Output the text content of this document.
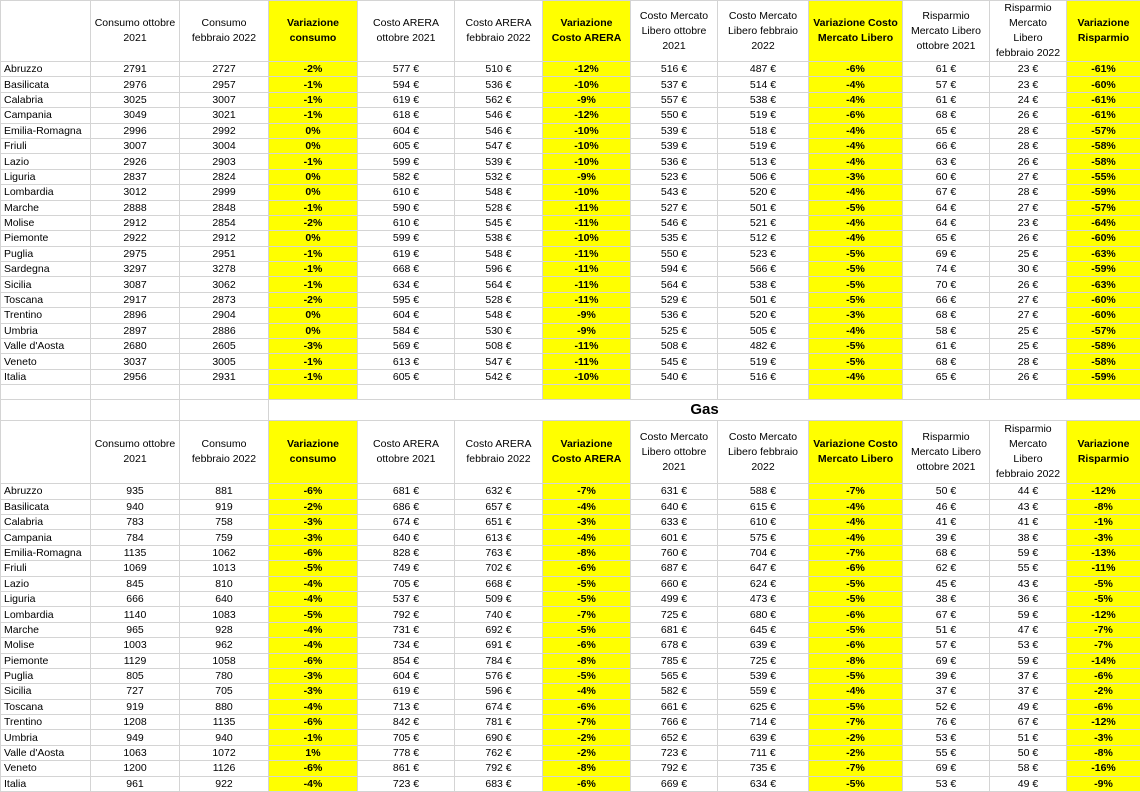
	Consumo ottobre 2021	Consumo febbraio 2022	Variazione consumo	Costo ARERA ottobre 2021	Costo ARERA febbraio 2022	Variazione Costo ARERA	Costo Mercato Libero ottobre 2021	Costo Mercato Libero febbraio 2022	Variazione Costo Mercato Libero	Risparmio Mercato Libero ottobre 2021	Risparmio Mercato Libero febbraio 2022	Variazione Risparmio
Abruzzo	2791	2727	-2%	577 €	510 €	-12%	516 €	487 €	-6%	61 €	23 €	-61%
Basilicata	2976	2957	-1%	594 €	536 €	-10%	537 €	514 €	-4%	57 €	23 €	-60%
Calabria	3025	3007	-1%	619 €	562 €	-9%	557 €	538 €	-4%	61 €	24 €	-61%
Campania	3049	3021	-1%	618 €	546 €	-12%	550 €	519 €	-6%	68 €	26 €	-61%
Emilia-Romagna	2996	2992	0%	604 €	546 €	-10%	539 €	518 €	-4%	65 €	28 €	-57%
Friuli	3007	3004	0%	605 €	547 €	-10%	539 €	519 €	-4%	66 €	28 €	-58%
Lazio	2926	2903	-1%	599 €	539 €	-10%	536 €	513 €	-4%	63 €	26 €	-58%
Liguria	2837	2824	0%	582 €	532 €	-9%	523 €	506 €	-3%	60 €	27 €	-55%
Lombardia	3012	2999	0%	610 €	548 €	-10%	543 €	520 €	-4%	67 €	28 €	-59%
Marche	2888	2848	-1%	590 €	528 €	-11%	527 €	501 €	-5%	64 €	27 €	-57%
Molise	2912	2854	-2%	610 €	545 €	-11%	546 €	521 €	-4%	64 €	23 €	-64%
Piemonte	2922	2912	0%	599 €	538 €	-10%	535 €	512 €	-4%	65 €	26 €	-60%
Puglia	2975	2951	-1%	619 €	548 €	-11%	550 €	523 €	-5%	69 €	25 €	-63%
Sardegna	3297	3278	-1%	668 €	596 €	-11%	594 €	566 €	-5%	74 €	30 €	-59%
Sicilia	3087	3062	-1%	634 €	564 €	-11%	564 €	538 €	-5%	70 €	26 €	-63%
Toscana	2917	2873	-2%	595 €	528 €	-11%	529 €	501 €	-5%	66 €	27 €	-60%
Trentino	2896	2904	0%	604 €	548 €	-9%	536 €	520 €	-3%	68 €	27 €	-60%
Umbria	2897	2886	0%	584 €	530 €	-9%	525 €	505 €	-4%	58 €	25 €	-57%
Valle d'Aosta	2680	2605	-3%	569 €	508 €	-11%	508 €	482 €	-5%	61 €	25 €	-58%
Veneto	3037	3005	-1%	613 €	547 €	-11%	545 €	519 €	-5%	68 €	28 €	-58%
Italia	2956	2931	-1%	605 €	542 €	-10%	540 €	516 €	-4%	65 €	26 €	-59%

			Gas									
	Consumo ottobre 2021	Consumo febbraio 2022	Variazione consumo	Costo ARERA ottobre 2021	Costo ARERA febbraio 2022	Variazione Costo ARERA	Costo Mercato Libero ottobre 2021	Costo Mercato Libero febbraio 2022	Variazione Costo Mercato Libero	Risparmio Mercato Libero ottobre 2021	Risparmio Mercato Libero febbraio 2022	Variazione Risparmio
Abruzzo	935	881	-6%	681 €	632 €	-7%	631 €	588 €	-7%	50 €	44 €	-12%
Basilicata	940	919	-2%	686 €	657 €	-4%	640 €	615 €	-4%	46 €	43 €	-8%
Calabria	783	758	-3%	674 €	651 €	-3%	633 €	610 €	-4%	41 €	41 €	-1%
Campania	784	759	-3%	640 €	613 €	-4%	601 €	575 €	-4%	39 €	38 €	-3%
Emilia-Romagna	1135	1062	-6%	828 €	763 €	-8%	760 €	704 €	-7%	68 €	59 €	-13%
Friuli	1069	1013	-5%	749 €	702 €	-6%	687 €	647 €	-6%	62 €	55 €	-11%
Lazio	845	810	-4%	705 €	668 €	-5%	660 €	624 €	-5%	45 €	43 €	-5%
Liguria	666	640	-4%	537 €	509 €	-5%	499 €	473 €	-5%	38 €	36 €	-5%
Lombardia	1140	1083	-5%	792 €	740 €	-7%	725 €	680 €	-6%	67 €	59 €	-12%
Marche	965	928	-4%	731 €	692 €	-5%	681 €	645 €	-5%	51 €	47 €	-7%
Molise	1003	962	-4%	734 €	691 €	-6%	678 €	639 €	-6%	57 €	53 €	-7%
Piemonte	1129	1058	-6%	854 €	784 €	-8%	785 €	725 €	-8%	69 €	59 €	-14%
Puglia	805	780	-3%	604 €	576 €	-5%	565 €	539 €	-5%	39 €	37 €	-6%
Sicilia	727	705	-3%	619 €	596 €	-4%	582 €	559 €	-4%	37 €	37 €	-2%
Toscana	919	880	-4%	713 €	674 €	-6%	661 €	625 €	-5%	52 €	49 €	-6%
Trentino	1208	1135	-6%	842 €	781 €	-7%	766 €	714 €	-7%	76 €	67 €	-12%
Umbria	949	940	-1%	705 €	690 €	-2%	652 €	639 €	-2%	53 €	51 €	-3%
Valle d'Aosta	1063	1072	1%	778 €	762 €	-2%	723 €	711 €	-2%	55 €	50 €	-8%
Veneto	1200	1126	-6%	861 €	792 €	-8%	792 €	735 €	-7%	69 €	58 €	-16%
Italia	961	922	-4%	723 €	683 €	-6%	669 €	634 €	-5%	53 €	49 €	-9%
